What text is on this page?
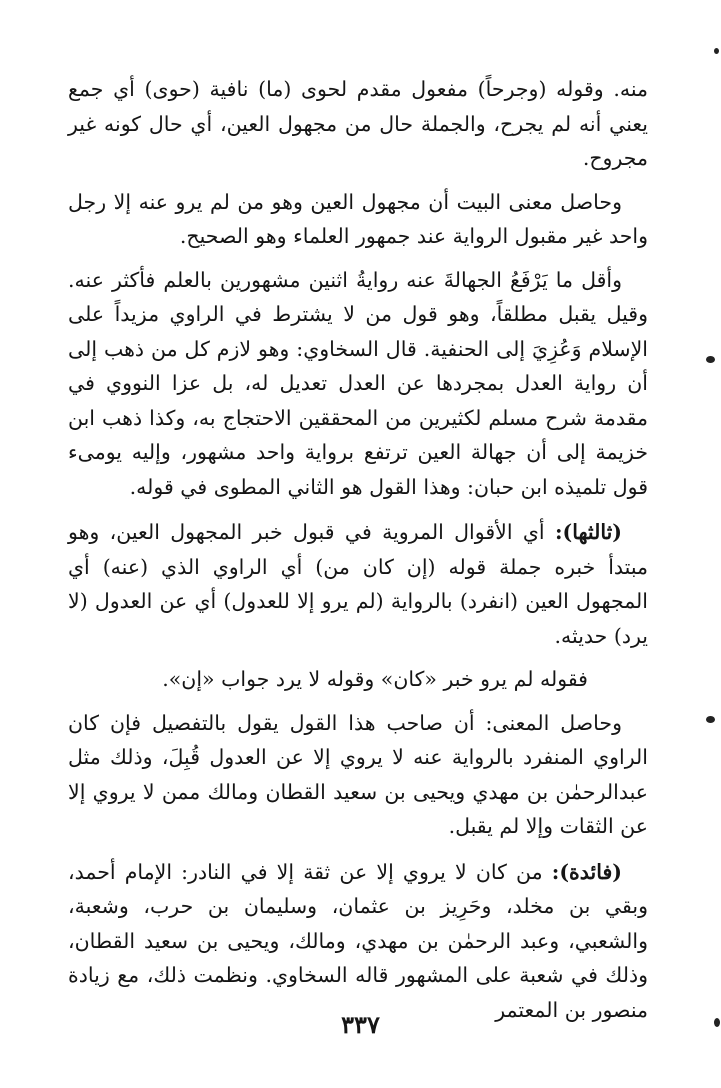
منه. وقوله (وجرحاً) مفعول مقدم لحوى (ما) نافية (حوى) أي جمع يعني أنه لم يجرح، والجملة حال من مجهول العين، أي حال كونه غير مجروح.

وحاصل معنى البيت أن مجهول العين وهو من لم يرو عنه إلا رجل واحد غير مقبول الرواية عند جمهور العلماء وهو الصحيح.

وأقل ما يَرْفَعُ الجهالةَ عنه روايةُ اثنين مشهورين بالعلم فأكثر عنه. وقيل يقبل مطلقاً، وهو قول من لا يشترط في الراوي مزيداً على الإسلام وَعُزِيَ إلى الحنفية. قال السخاوي: وهو لازم كل من ذهب إلى أن رواية العدل بمجردها عن العدل تعديل له، بل عزا النووي في مقدمة شرح مسلم لكثيرين من المحققين الاحتجاج به، وكذا ذهب ابن خزيمة إلى أن جهالة العين ترتفع برواية واحد مشهور، وإليه يومىء قول تلميذه ابن حبان: وهذا القول هو الثاني المطوى في قوله.

(ثالثها): أي الأقوال المروية في قبول خبر المجهول العين، وهو مبتدأ خبره جملة قوله (إن كان من) أي الراوي الذي (عنه) أي المجهول العين (انفرد) بالرواية (لم يرو إلا للعدول) أي عن العدول (لا يرد) حديثه.

فقوله لم يرو خبر «كان» وقوله لا يرد جواب «إن».

وحاصل المعنى: أن صاحب هذا القول يقول بالتفصيل فإن كان الراوي المنفرد بالرواية عنه لا يروي إلا عن العدول قُبِلَ، وذلك مثل عبدالرحمٰن بن مهدي ويحيى بن سعيد القطان ومالك ممن لا يروي إلا عن الثقات وإلا لم يقبل.

(فائدة): من كان لا يروي إلا عن ثقة إلا في النادر: الإمام أحمد، وبقي بن مخلد، وحَرِيز بن عثمان، وسليمان بن حرب، وشعبة، والشعبي، وعبد الرحمٰن بن مهدي، ومالك، ويحيى بن سعيد القطان، وذلك في شعبة على المشهور قاله السخاوي. ونظمت ذلك، مع زيادة منصور بن المعتمر

٣٣٧
